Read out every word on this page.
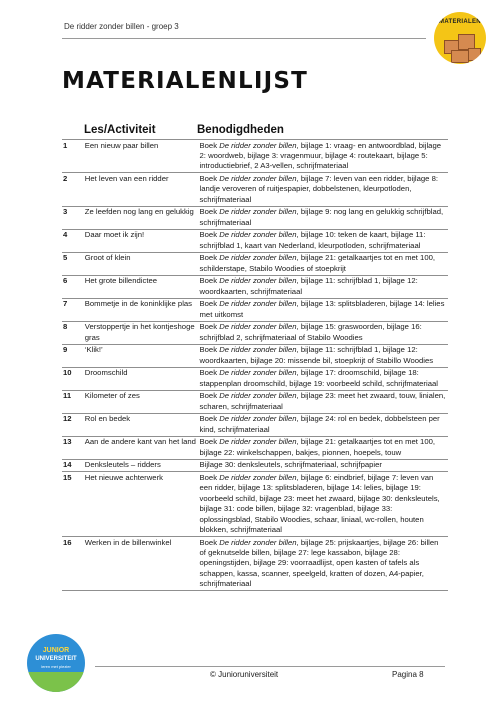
De ridder zonder billen - groep 3	MATERIALEN
MATERIALENLIJST
Les/Activiteit	Benodigdheden
1	Een nieuw paar billen	Boek De ridder zonder billen, bijlage 1: vraag- en antwoordblad, bijlage 2: woordweb, bijlage 3: vragenmuur, bijlage 4: routekaart, bijlage 5: introductiebrief, 2 A3-vellen, schrijfmateriaal
2	Het leven van een ridder	Boek De ridder zonder billen, bijlage 7: leven van een ridder, bijlage 8: landje veroveren of ruitjespapier, dobbelstenen, kleurpotloden, schrijfmateriaal
3	Ze leefden nog lang en gelukkig	Boek De ridder zonder billen, bijlage 9: nog lang en gelukkig schrijfblad, schrijfmateriaal
4	Daar moet ik zijn!	Boek De ridder zonder billen, bijlage 10: teken de kaart, bijlage 11: schrijfblad 1, kaart van Nederland, kleurpotloden, schrijfmateriaal
5	Groot of klein	Boek De ridder zonder billen, bijlage 21: getalkaartjes tot en met 100, schilderstape, Stabilo Woodies of stoepkrijt
6	Het grote billendictee	Boek De ridder zonder billen, bijlage 11: schrijfblad 1, bijlage 12: woordkaarten, schrijfmateriaal
7	Bommetje in de koninklijke plas	Boek De ridder zonder billen, bijlage 13: splitsbladeren, bijlage 14: lelies met uitkomst
8	Verstoppertje in het kontjeshoge gras	Boek De ridder zonder billen, bijlage 15: graswoorden, bijlage 16: schrijfblad 2, schrijfmateriaal of Stabilo Woodies
9	‘Klik!’	Boek De ridder zonder billen, bijlage 11: schrijfblad 1, bijlage 12: woordkaarten, bijlage 20: missende bil, stoepkrijt of Stabillo Woodies
10	Droomschild	Boek De ridder zonder billen, bijlage 17: droomschild, bijlage 18: stappenplan droomschild, bijlage 19: voorbeeld schild, schrijfmateriaal
11	Kilometer of zes	Boek De ridder zonder billen, bijlage 23: meet het zwaard, touw, linialen, scharen, schrijfmateriaal
12	Rol en bedek	Boek De ridder zonder billen, bijlage 24: rol en bedek, dobbelsteen per kind, schrijfmateriaal
13	Aan de andere kant van het land	Boek De ridder zonder billen, bijlage 21: getalkaartjes tot en met 100, bijlage 22: winkelschappen, bakjes, pionnen, hoepels, touw
14	Denksleutels – ridders	Bijlage 30: denksleutels, schrijfmateriaal, schrijfpapier
15	Het nieuwe achterwerk	Boek De ridder zonder billen, bijlage 6: eindbrief, bijlage 7: leven van een ridder, bijlage 13: splitsbladeren, bijlage 14: lelies, bijlage 19: voorbeeld schild, bijlage 23: meet het zwaard, bijlage 30: denksleutels, bijlage 31: code billen, bijlage 32: vragenblad, bijlage 33: oplossingsblad, Stabilo Woodies, schaar, liniaal, wc-rollen, houten blokken, schrijfmateriaal
16	Werken in de billenwinkel	Boek De ridder zonder billen, bijlage 25: prijskaartjes, bijlage 26: billen of geknutselde billen, bijlage 27: lege kassabon, bijlage 28: openingstijden, bijlage 29: voorraadlijst, open kasten of tafels als schappen, kassa, scanner, speelgeld, kratten of dozen, A4-papier, schrijfmateriaal
JUNIOR
UNIVERSITEIT
leren met plezier
© Junioruniversiteit	Pagina 8
